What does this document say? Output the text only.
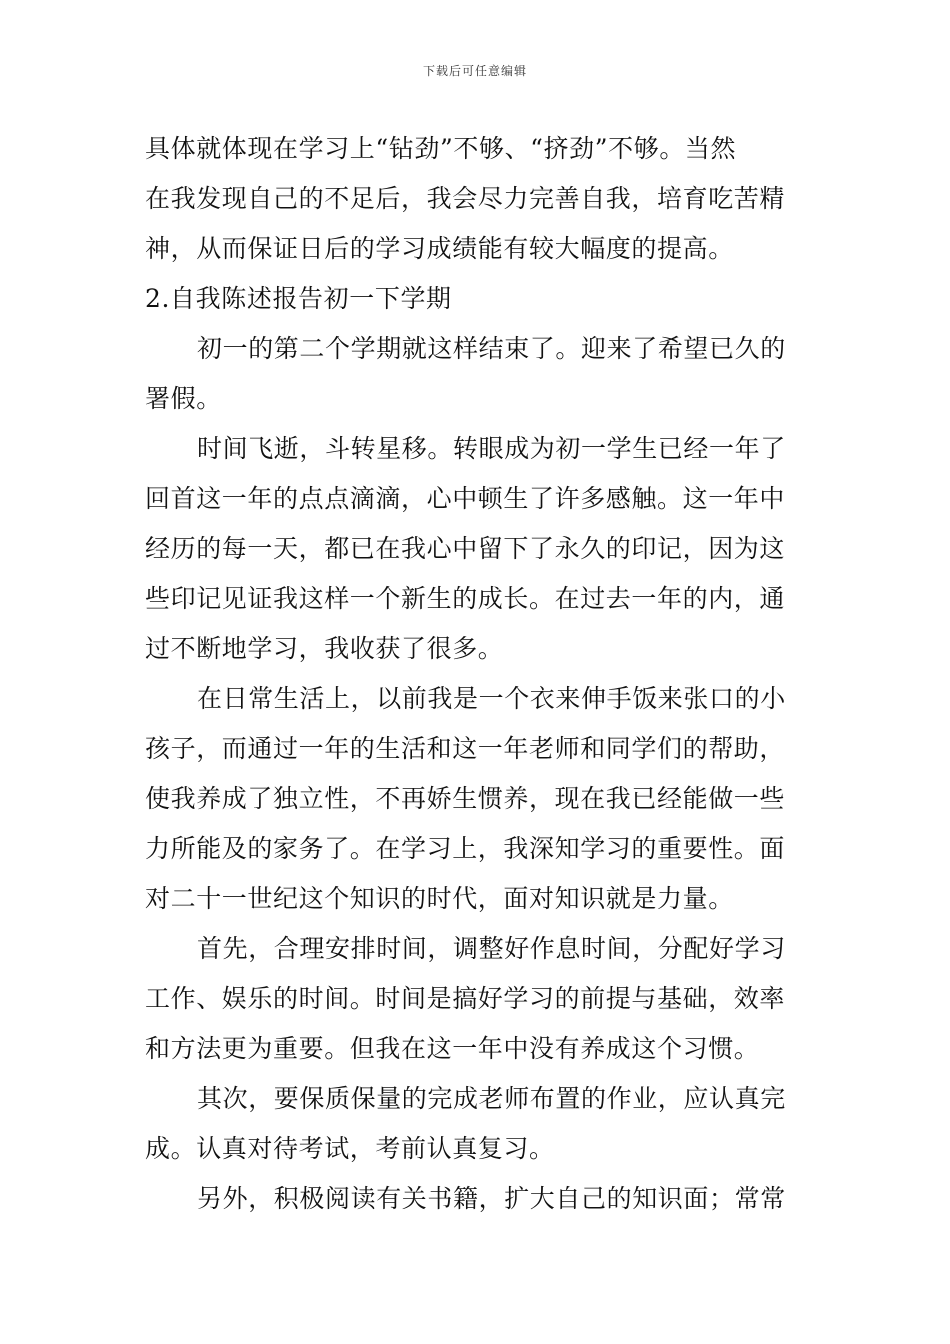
下载后可任意编辑
具体就体现在学习上“钻劲”不够、“挤劲”不够。当然
在我发现自己的不足后，我会尽力完善自我，培育吃苦精
神，从而保证日后的学习成绩能有较大幅度的提高。
2.自我陈述报告初一下学期
初一的第二个学期就这样结束了。迎来了希望已久的
署假。
时间飞逝，斗转星移。转眼成为初一学生已经一年了
回首这一年的点点滴滴，心中顿生了许多感触。这一年中
经历的每一天，都已在我心中留下了永久的印记，因为这
些印记见证我这样一个新生的成长。在过去一年的内，通
过不断地学习，我收获了很多。
在日常生活上，以前我是一个衣来伸手饭来张口的小
孩子，而通过一年的生活和这一年老师和同学们的帮助，
使我养成了独立性，不再娇生惯养，现在我已经能做一些
力所能及的家务了。在学习上，我深知学习的重要性。面
对二十一世纪这个知识的时代，面对知识就是力量。
首先，合理安排时间，调整好作息时间，分配好学习
工作、娱乐的时间。时间是搞好学习的前提与基础，效率
和方法更为重要。但我在这一年中没有养成这个习惯。
其次，要保质保量的完成老师布置的作业，应认真完
成。认真对待考试，考前认真复习。
另外，积极阅读有关书籍，扩大自己的知识面；常常
